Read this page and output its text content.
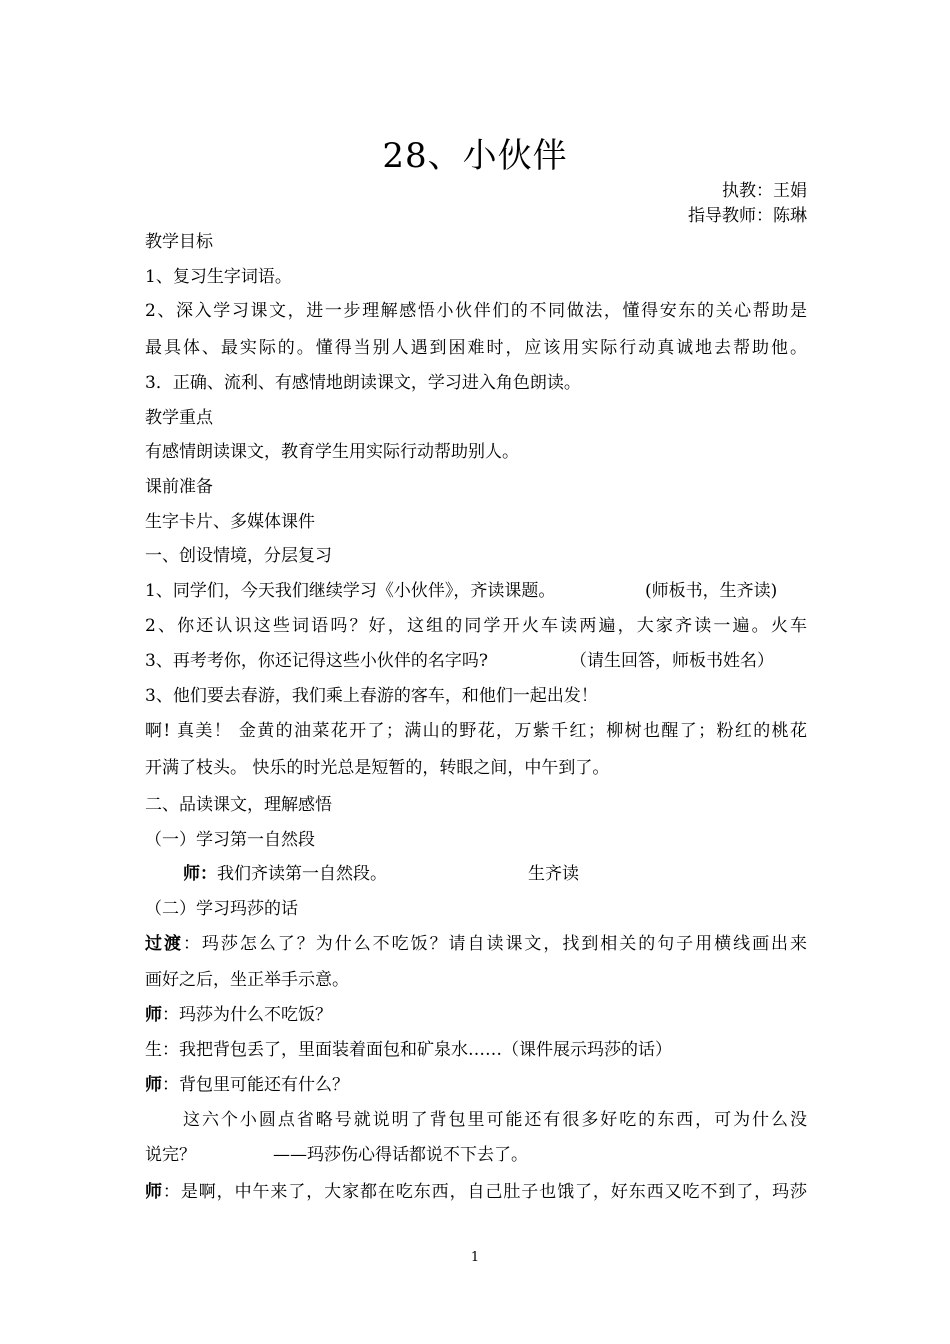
28、小伙伴
执教：王娟
指导教师：陈琳
教学目标
1、复习生字词语。
2、深入学习课文，进一步理解感悟小伙伴们的不同做法，懂得安东的关心帮助是
最具体、最实际的。懂得当别人遇到困难时，应该用实际行动真诚地去帮助他。
3．正确、流利、有感情地朗读课文，学习进入角色朗读。
教学重点
有感情朗读课文，教育学生用实际行动帮助别人。
课前准备
生字卡片、多媒体课件
一、创设情境，分层复习
1、同学们，今天我们继续学习《小伙伴》，齐读课题。	(师板书，生齐读)
2、你还认识这些词语吗？好，这组的同学开火车读两遍，大家齐读一遍。火车
3、再考考你，你还记得这些小伙伴的名字吗?	（请生回答，师板书姓名）
3、他们要去春游，我们乘上春游的客车，和他们一起出发！
啊! 真美！ 金黄的油菜花开了；满山的野花，万紫千红；柳树也醒了；粉红的桃花
开满了枝头。 快乐的时光总是短暂的，转眼之间，中午到了。
二、品读课文，理解感悟
（一）学习第一自然段
师：我们齐读第一自然段。	生齐读
（二）学习玛莎的话
过渡：玛莎怎么了？为什么不吃饭？请自读课文，找到相关的句子用横线画出来
画好之后，坐正举手示意。
师：玛莎为什么不吃饭？
生：我把背包丢了，里面装着面包和矿泉水……（课件展示玛莎的话）
师：背包里可能还有什么？
这六个小圆点省略号就说明了背包里可能还有很多好吃的东西，可为什么没
说完？	——玛莎伤心得话都说不下去了。
师：是啊，中午来了，大家都在吃东西，自己肚子也饿了，好东西又吃不到了，玛莎
1
